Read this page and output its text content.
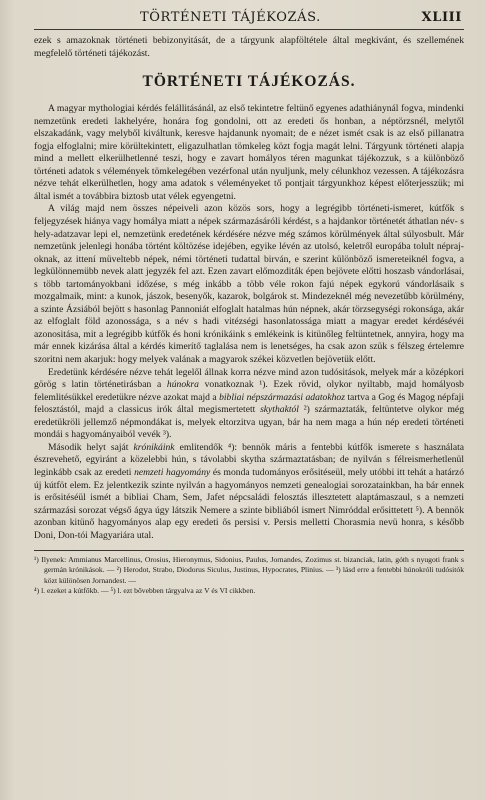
TÖRTÉNETI TÁJÉKOZÁS.	XLIII

ezek s amazoknak történeti bebizonyitását, de a tárgyunk alapföltétele által megkivánt, és szellemének megfelelő történeti tájékozást.

TÖRTÉNETI TÁJÉKOZÁS.

A magyar mythologiai kérdés felállitásánál, az első tekintetre feltünő egyenes adathiánynál fogva, mindenki nemzetünk eredeti lakhelyére, honára fog gondolni, ott az eredeti ős honban, a néptörzsnél, melytől elszakadánk, vagy melyből kiváltunk, keresve hajdanunk nyomait; de e nézet ismét csak is az első pillanatra fogja elfoglalni; mire körültekintett, eligazulhatlan tömkeleg közt fogja magát lelni. Tárgyunk történeti alapja mind a mellett elkerülhetlenné teszi, hogy e zavart homályos téren magunkat tájékozzuk, s a különböző történeti adatok s vélemények tömkelegében vezérfonal után nyuljunk, mely célunkhoz vezessen. A tájékozásra nézve tehát elkerülhetlen, hogy ama adatok s véleményeket tő pontjait tárgyunkhoz képest előterjesszük; mi által ismét a továbbira biztosb utat vélek egyengetni.

A világ majd nem összes népeiveli azon közös sors, hogy a legrégibb történeti-ismeret, kútfők s feljegyzések hiánya vagy homálya miatt a népek származásáróli kérdést, s a hajdankor történetét áthatlan név- s hely-adatzavar lepi el, nemzetünk eredetének kérdésére nézve még számos körülmények által súlyosbult. Már nemzetünk jelenlegi honába történt költözése idejében, egyike lévén az utolsó, keletről europába tolult néprajoknak, az ittení müveltebb népek, némi történeti tudattal birván, e szerint különböző ismereteiknél fogva, a legkülönnemübb nevek alatt jegyzék fel azt. Ezen zavart előmozditák épen bejövete előtti hoszasb vándorlásai, s több tartományokbani időzése, s még inkább a több véle rokon fajú népek egykorú vándorlásaik s mozgalmaik, mint: a kunok, jászok, besenyők, kazarok, bolgárok st. Mindezeknél még nevezetűbb körülmény, a szinte Ázsiából bejött s hasonlag Pannoniát elfoglalt hatalmas hún népnek, akár törzsegységi rokonsága, akár az elfoglalt föld azonossága, s a név s hadi vitézségi hasonlatossága miatt a magyar eredet kérdésévéi azonositása, mit a legrégibb kútfők és honi krónikáink s emlékeink is kitünőleg feltüntetnek, annyira, hogy ma már ennek kizárása által a kérdés kimerítő taglalása nem is lenetséges, ha csak azon szük s félszeg értelemre szoritni nem akarjuk: hogy melyek valának a magyarok székei közvetlen bejövetük előtt.

Eredetünk kérdésére nézve tehát legelől állnak korra nézve mind azon tudósitások, melyek már a középkori görög s latin történetirásban a húnokra vonatkoznak ¹). Ezek rövid, olykor nyiltabb, majd homályosb felemlitésükkel eredetükre nézve azokat majd a bibliai népszármazási adatokhoz tartva a Gog és Magog népfaji felosztástól, majd a classicus irók által megismertetett skythaktól ²) származtaták, feltüntetve olykor még eredetükröli jellemző népmondákat is, melyek eltorzitva ugyan, bár ha nem maga a hún nép eredeti történeti mondái s hagyományaiból vevék ³).

Második helyt saját krónikáink emlitendők ⁴): bennök máris a fentebbi kútfők ismerete s használata észrevehető, egyiránt a közelebbi hún, s távolabbi skytha származtatásban; de nyilván s félreismerhetlenül leginkább csak az eredeti nemzeti hagyomány és monda tudományos erősitéseül, mely utóbbi itt tehát a határzó új kútföt elem. Ez jelentkezik szinte nyilván a hagyományos nemzeti genealogiai sorozatainkban, ha bár ennek is erősitéséül ismét a bibliai Cham, Sem, Jafet népcsaládi felosztás illesztetett alaptámaszaul, s a nemzeti származási sorozat végső ágya úgy látszik Nemere a szinte bibliából ismert Nimróddal erősittetett ⁵). A bennök azonban kitünő hagyományos alap egy eredeti ős persisi v. Persis melletti Chorasmia nevü honra, s később Doni, Don-tói Magyariára utal.

¹) Ilyenek: Ammianus Marcellinus, Orosius, Hieronymus, Sidonius, Paulus, Jornandes, Zozimus st. bizanciak, latin, góth s nyugoti frank s germán krónikások. — ²) Herodot, Strabo, Diodorus Siculus, Justinus, Hypocrates, Plinius. — ³) lásd erre a fentebbi húnokróli tudósitók közt különösen Jornandest. —
⁴) l. ezeket a kútfőkb. — ⁵) l. ezt bővebben tárgyalva az V és VI cikkben.
